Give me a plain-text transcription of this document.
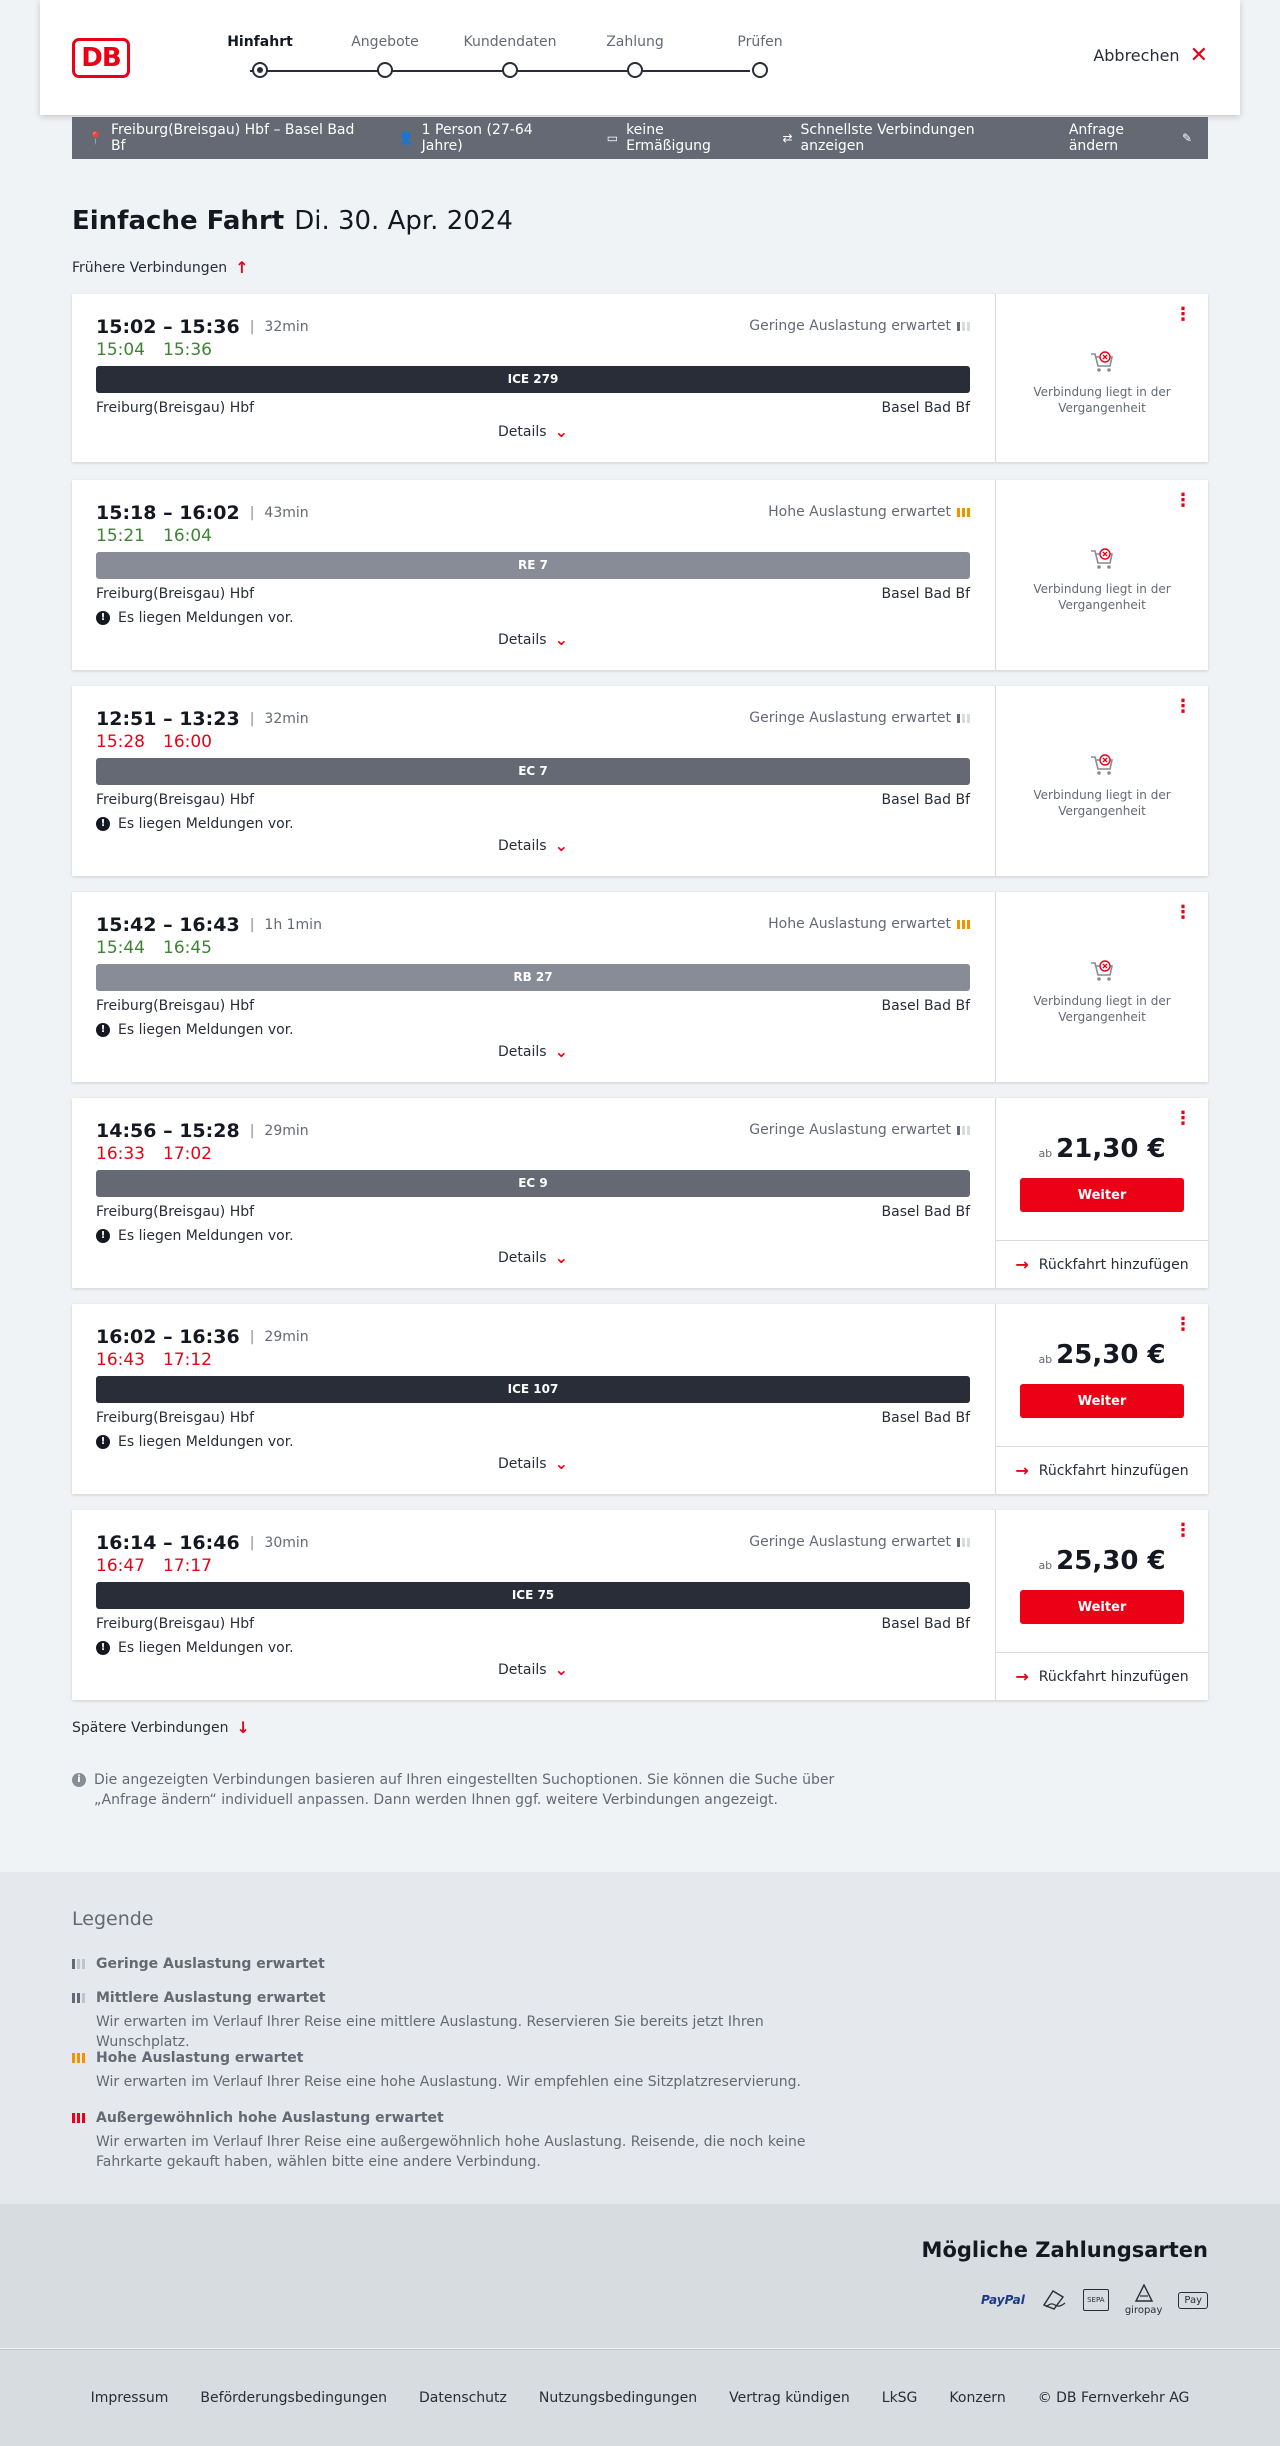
DB
Hinfahrt	Angebote	Kundendaten	Zahlung	Prüfen
Abbrechen ✕
📍 Freiburg(Breisgau) Hbf – Basel Bad Bf	👤 1 Person (27-64 Jahre)	▭ keine Ermäßigung	⇄ Schnellste Verbindungen anzeigen
Anfrage ändern	✎
Einfache Fahrt Di. 30. Apr. 2024
Frühere Verbindungen ↑
15:02 – 15:36 | 32min
15:04 15:36
Geringe Auslastung erwartet
ICE 279
Freiburg(Breisgau) Hbf	Basel Bad Bf
Details ⌄
⋮
Verbindung liegt in der Vergangenheit
15:18 – 16:02 | 43min
15:21 16:04
Hohe Auslastung erwartet
RE 7
Freiburg(Breisgau) Hbf	Basel Bad Bf
! Es liegen Meldungen vor.
Details ⌄
⋮
Verbindung liegt in der Vergangenheit
12:51 – 13:23 | 32min
15:28 16:00
Geringe Auslastung erwartet
EC 7
Freiburg(Breisgau) Hbf	Basel Bad Bf
! Es liegen Meldungen vor.
Details ⌄
⋮
Verbindung liegt in der Vergangenheit
15:42 – 16:43 | 1h 1min
15:44 16:45
Hohe Auslastung erwartet
RB 27
Freiburg(Breisgau) Hbf	Basel Bad Bf
! Es liegen Meldungen vor.
Details ⌄
⋮
Verbindung liegt in der Vergangenheit
14:56 – 15:28 | 29min
16:33 17:02
Geringe Auslastung erwartet
EC 9
Freiburg(Breisgau) Hbf	Basel Bad Bf
! Es liegen Meldungen vor.
Details ⌄
⋮
ab 21,30 €
Weiter
→ Rückfahrt hinzufügen
16:02 – 16:36 | 29min
16:43 17:12
ICE 107
Freiburg(Breisgau) Hbf	Basel Bad Bf
! Es liegen Meldungen vor.
Details ⌄
⋮
ab 25,30 €
Weiter
→ Rückfahrt hinzufügen
16:14 – 16:46 | 30min
16:47 17:17
Geringe Auslastung erwartet
ICE 75
Freiburg(Breisgau) Hbf	Basel Bad Bf
! Es liegen Meldungen vor.
Details ⌄
⋮
ab 25,30 €
Weiter
→ Rückfahrt hinzufügen
Spätere Verbindungen ↓
i Die angezeigten Verbindungen basieren auf Ihren eingestellten Suchoptionen. Sie können die Suche über „Anfrage ändern“ individuell anpassen. Dann werden Ihnen ggf. weitere Verbindungen angezeigt.
Legende
Geringe Auslastung erwartet
Mittlere Auslastung erwartet
Wir erwarten im Verlauf Ihrer Reise eine mittlere Auslastung. Reservieren Sie bereits jetzt Ihren Wunschplatz.
Hohe Auslastung erwartet
Wir erwarten im Verlauf Ihrer Reise eine hohe Auslastung. Wir empfehlen eine Sitzplatzreservierung.
Außergewöhnlich hohe Auslastung erwartet
Wir erwarten im Verlauf Ihrer Reise eine außergewöhnlich hohe Auslastung. Reisende, die noch keine Fahrkarte gekauft haben, wählen bitte eine andere Verbindung.
Mögliche Zahlungsarten
PayPal	SEPA

giropay
Pay
Impressum Beförderungsbedingungen Datenschutz Nutzungsbedingungen Vertrag kündigen LkSG Konzern © DB Fernverkehr AG
